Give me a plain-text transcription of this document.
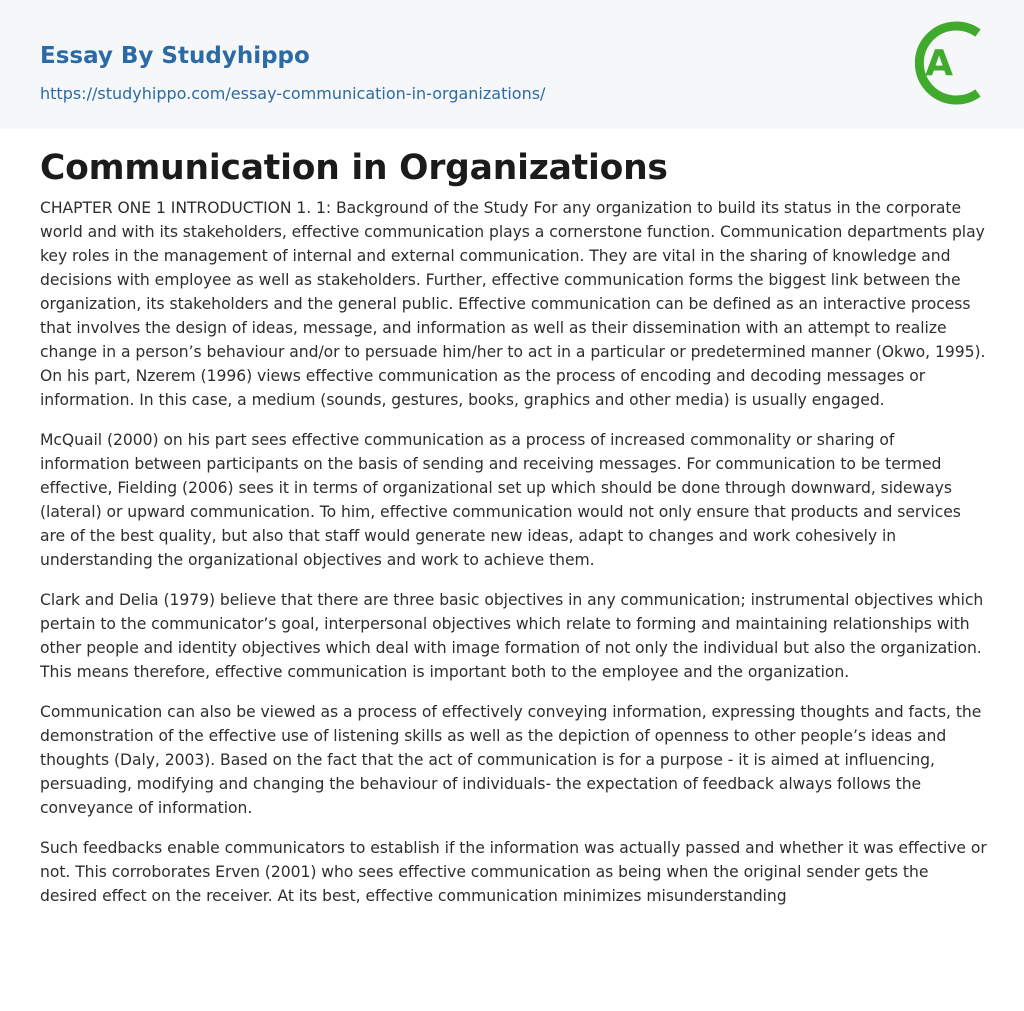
Essay By Studyhippo
https://studyhippo.com/essay-communication-in-organizations/
A
Communication in Organizations

CHAPTER ONE 1 INTRODUCTION 1. 1: Background of the Study For any organization to build its status in the corporate world and with its stakeholders, effective communication plays a cornerstone function. Communication departments play key roles in the management of internal and external communication. They are vital in the sharing of knowledge and decisions with employee as well as stakeholders. Further, effective communication forms the biggest link between the organization, its stakeholders and the general public. Effective communication can be defined as an interactive process that involves the design of ideas, message, and information as well as their dissemination with an attempt to realize change in a person’s behaviour and/or to persuade him/her to act in a particular or predetermined manner (Okwo, 1995). On his part, Nzerem (1996) views effective communication as the process of encoding and decoding messages or information. In this case, a medium (sounds, gestures, books, graphics and other media) is usually engaged.

McQuail (2000) on his part sees effective communication as a process of increased commonality or sharing of information between participants on the basis of sending and receiving messages. For communication to be termed effective, Fielding (2006) sees it in terms of organizational set up which should be done through downward, sideways (lateral) or upward communication. To him, effective communication would not only ensure that products and services are of the best quality, but also that staff would generate new ideas, adapt to changes and work cohesively in understanding the organizational objectives and work to achieve them.

Clark and Delia (1979) believe that there are three basic objectives in any communication; instrumental objectives which pertain to the communicator’s goal, interpersonal objectives which relate to forming and maintaining relationships with other people and identity objectives which deal with image formation of not only the individual but also the organization. This means therefore, effective communication is important both to the employee and the organization.

Communication can also be viewed as a process of effectively conveying information, expressing thoughts and facts, the demonstration of the effective use of listening skills as well as the depiction of openness to other people’s ideas and thoughts (Daly, 2003). Based on the fact that the act of communication is for a purpose - it is aimed at influencing, persuading, modifying and changing the behaviour of individuals- the expectation of feedback always follows the conveyance of information.

Such feedbacks enable communicators to establish if the information was actually passed and whether it was effective or not. This corroborates Erven (2001) who sees effective communication as being when the original sender gets the desired effect on the receiver. At its best, effective communication minimizes misunderstanding
